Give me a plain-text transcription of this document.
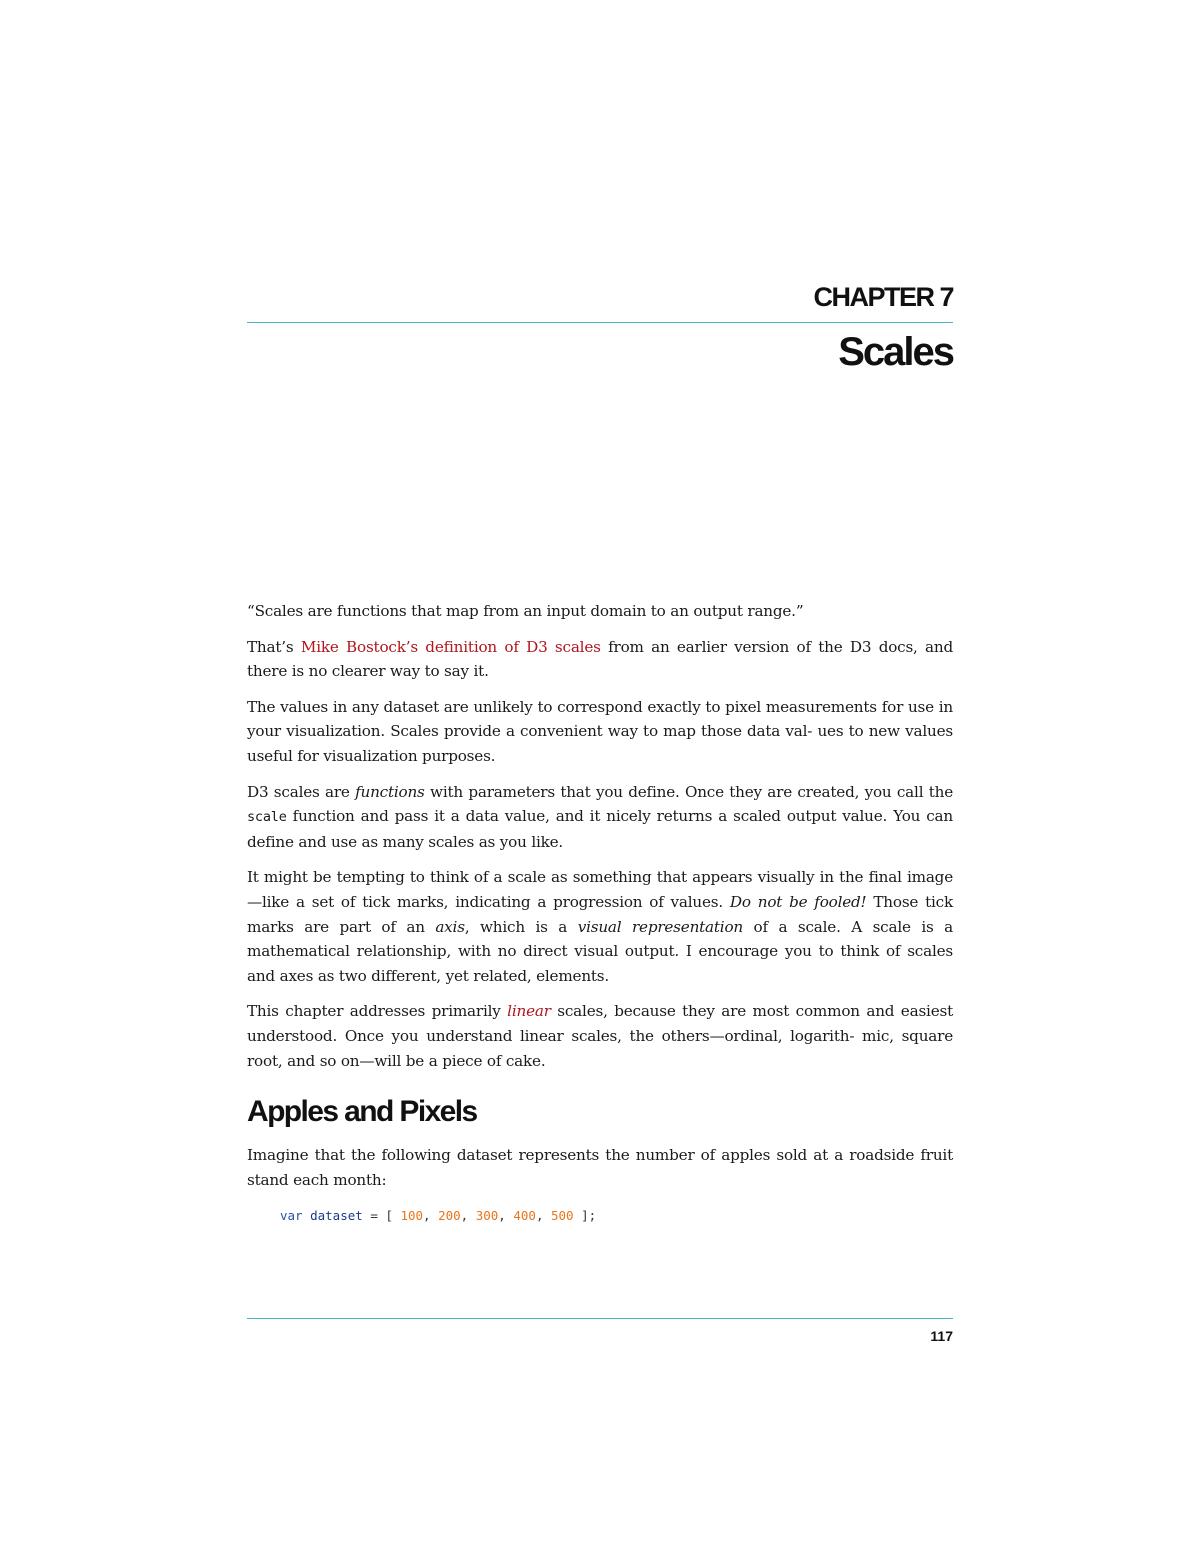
CHAPTER 7
Scales

“Scales are functions that map from an input domain to an output range.”

That’s Mike Bostock’s definition of D3 scales from an earlier version of the D3 docs, and there is no clearer way to say it.

The values in any dataset are unlikely to correspond exactly to pixel measurements for use in your visualization. Scales provide a convenient way to map those data val‐ ues to new values useful for visualization purposes.

D3 scales are functions with parameters that you define. Once they are created, you call the scale function and pass it a data value, and it nicely returns a scaled output value. You can define and use as many scales as you like.

It might be tempting to think of a scale as something that appears visually in the final image—like a set of tick marks, indicating a progression of values. Do not be fooled! Those tick marks are part of an axis, which is a visual representation of a scale. A scale is a mathematical relationship, with no direct visual output. I encourage you to think of scales and axes as two different, yet related, elements.

This chapter addresses primarily linear scales, because they are most common and easiest understood. Once you understand linear scales, the others—ordinal, logarith‐ mic, square root, and so on—will be a piece of cake.

Apples and Pixels

Imagine that the following dataset represents the number of apples sold at a roadside fruit stand each month:

var dataset = [ 100, 200, 300, 400, 500 ];
117
